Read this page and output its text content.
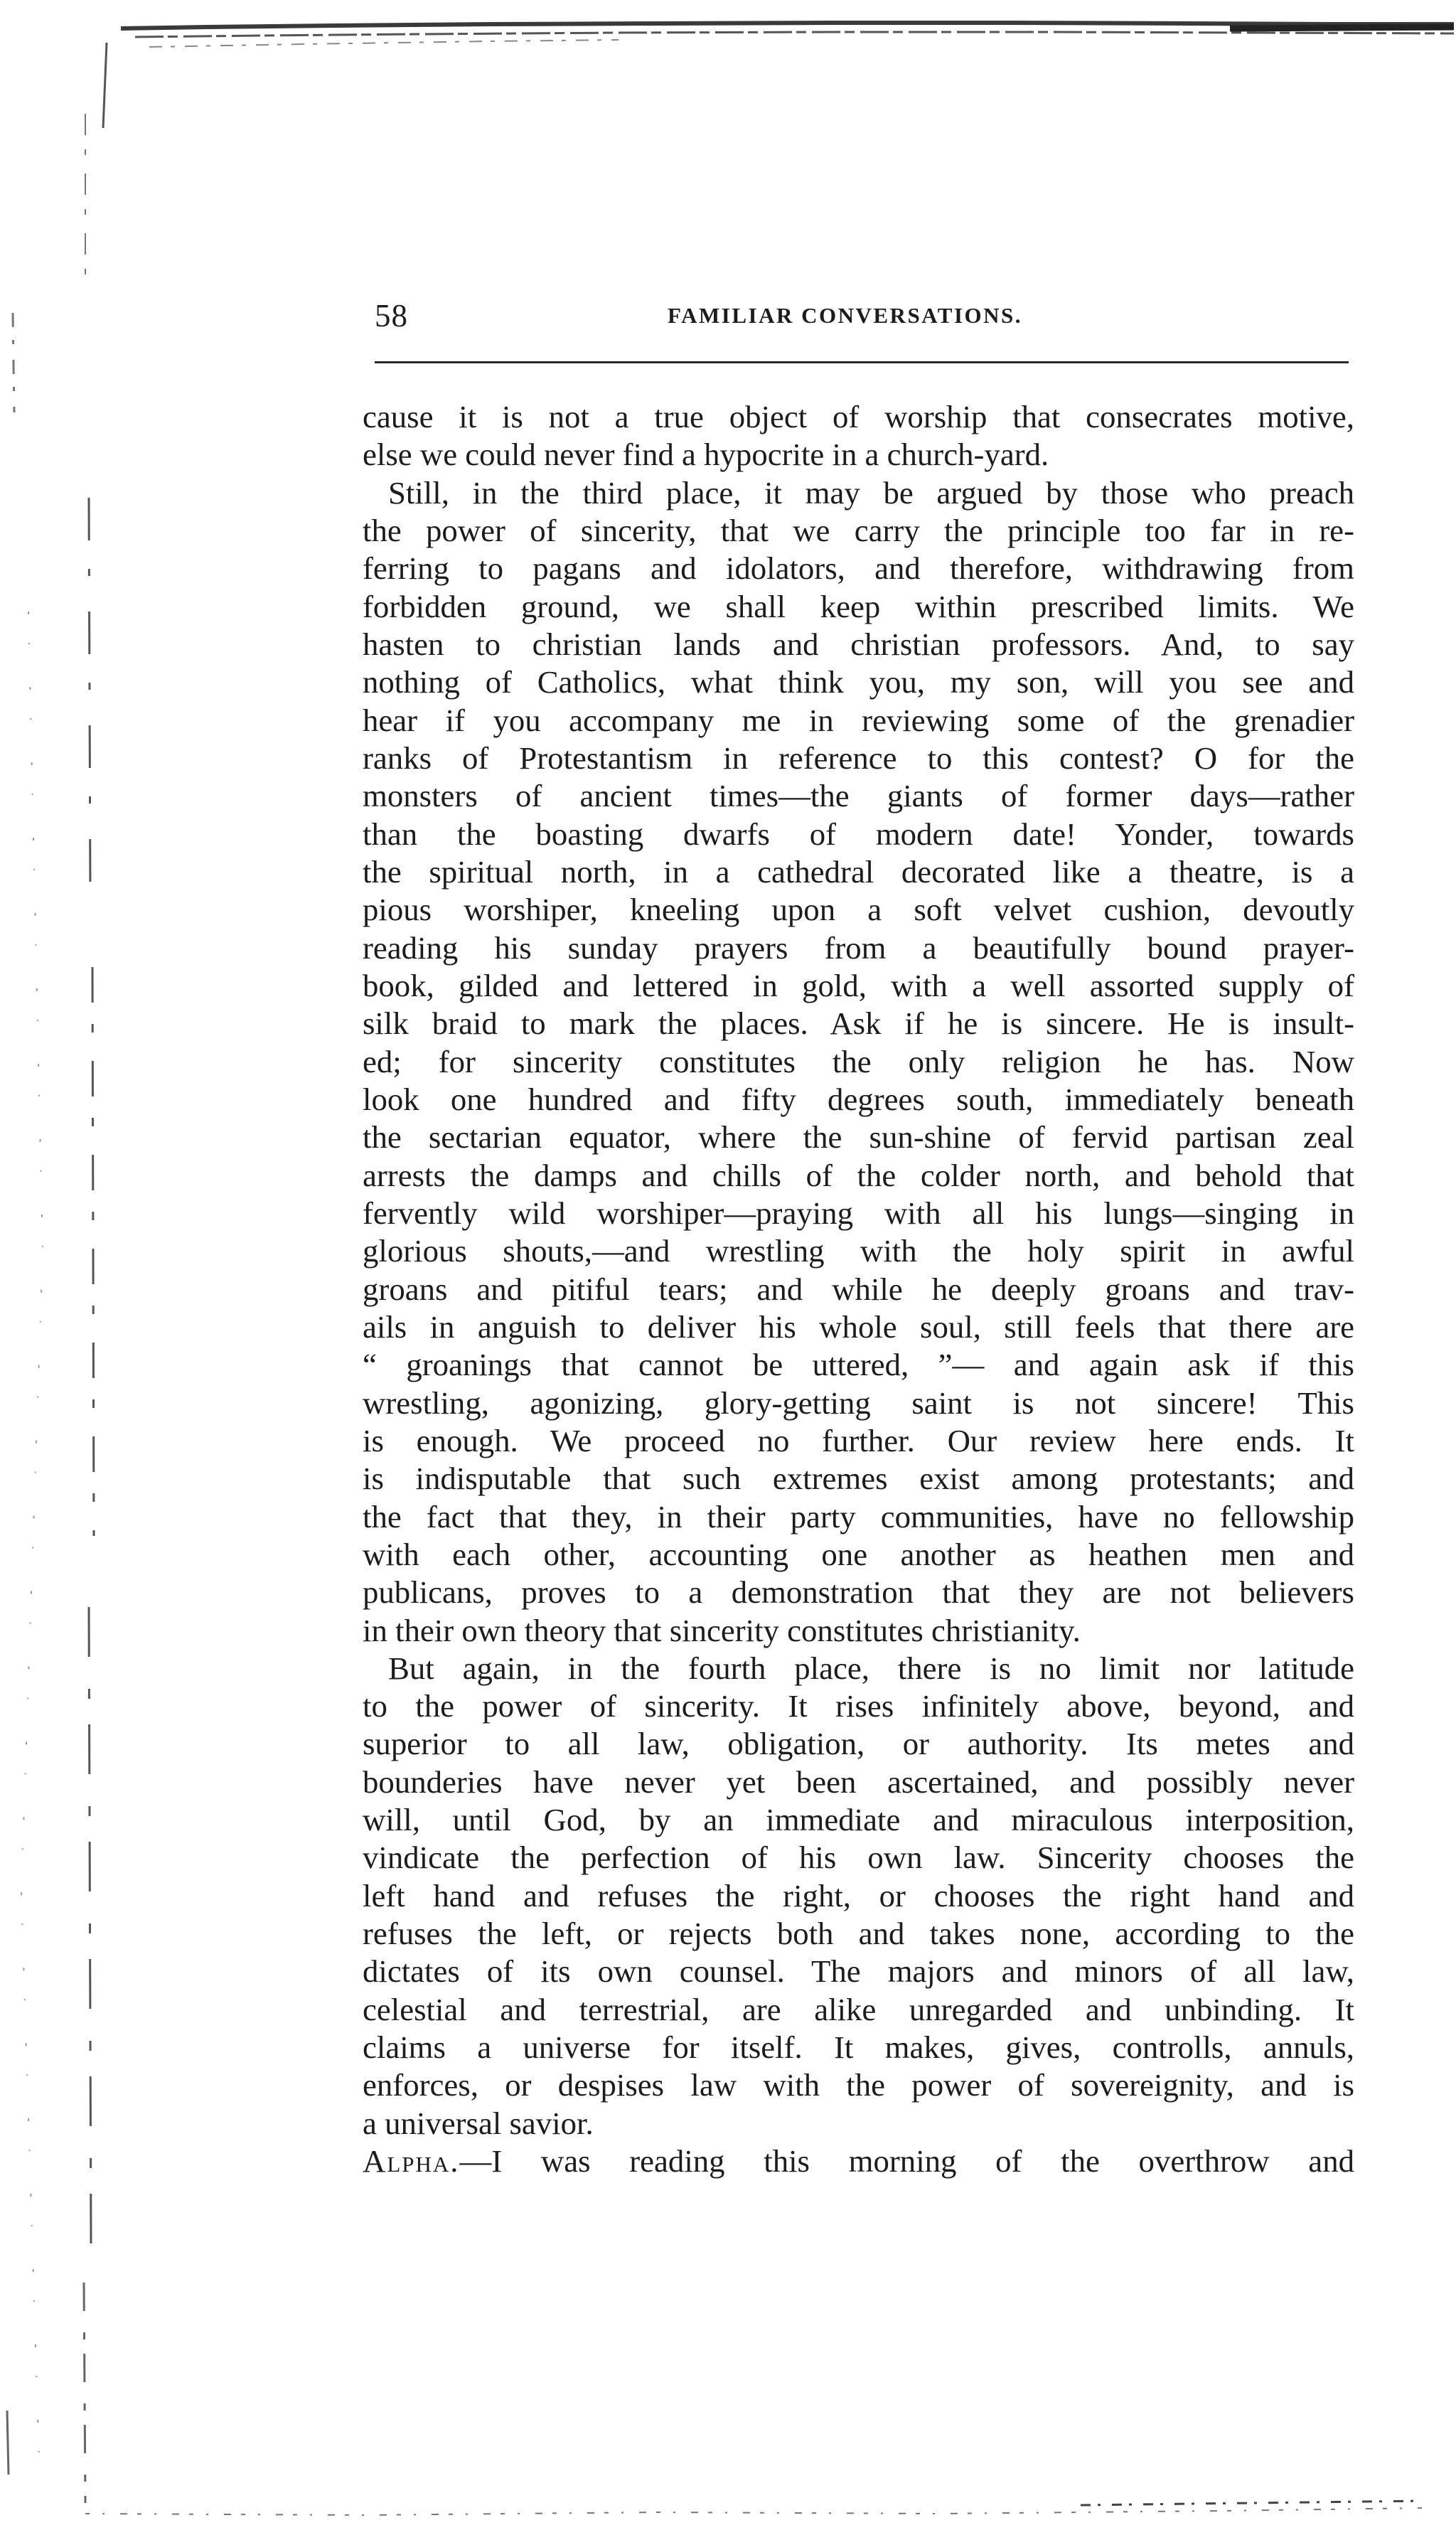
58	FAMILIAR CONVERSATIONS.
cause it is not a true object of worship that consecrates motive,
else we could never find a hypocrite in a church-yard.
Still, in the third place, it may be argued by those who preach
the power of sincerity, that we carry the principle too far in re-
ferring to pagans and idolators, and therefore, withdrawing from
forbidden ground, we shall keep within prescribed limits. We
hasten to christian lands and christian professors. And, to say
nothing of Catholics, what think you, my son, will you see and
hear if you accompany me in reviewing some of the grenadier
ranks of Protestantism in reference to this contest? O for the
monsters of ancient times—the giants of former days—rather
than the boasting dwarfs of modern date! Yonder, towards
the spiritual north, in a cathedral decorated like a theatre, is a
pious worshiper, kneeling upon a soft velvet cushion, devoutly
reading his sunday prayers from a beautifully bound prayer-
book, gilded and lettered in gold, with a well assorted supply of
silk braid to mark the places. Ask if he is sincere. He is insult-
ed; for sincerity constitutes the only religion he has. Now
look one hundred and fifty degrees south, immediately beneath
the sectarian equator, where the sun-shine of fervid partisan zeal
arrests the damps and chills of the colder north, and behold that
fervently wild worshiper—praying with all his lungs—singing in
glorious shouts,—and wrestling with the holy spirit in awful
groans and pitiful tears; and while he deeply groans and trav-
ails in anguish to deliver his whole soul, still feels that there are
“ groanings that cannot be uttered, ”— and again ask if this
wrestling, agonizing, glory-getting saint is not sincere! This
is enough. We proceed no further. Our review here ends. It
is indisputable that such extremes exist among protestants; and
the fact that they, in their party communities, have no fellowship
with each other, accounting one another as heathen men and
publicans, proves to a demonstration that they are not believers
in their own theory that sincerity constitutes christianity.
But again, in the fourth place, there is no limit nor latitude
to the power of sincerity. It rises infinitely above, beyond, and
superior to all law, obligation, or authority. Its metes and
bounderies have never yet been ascertained, and possibly never
will, until God, by an immediate and miraculous interposition,
vindicate the perfection of his own law. Sincerity chooses the
left hand and refuses the right, or chooses the right hand and
refuses the left, or rejects both and takes none, according to the
dictates of its own counsel. The majors and minors of all law,
celestial and terrestrial, are alike unregarded and unbinding. It
claims a universe for itself. It makes, gives, controlls, annuls,
enforces, or despises law with the power of sovereignity, and is
a universal savior.
Alpha.—I was reading this morning of the overthrow and
